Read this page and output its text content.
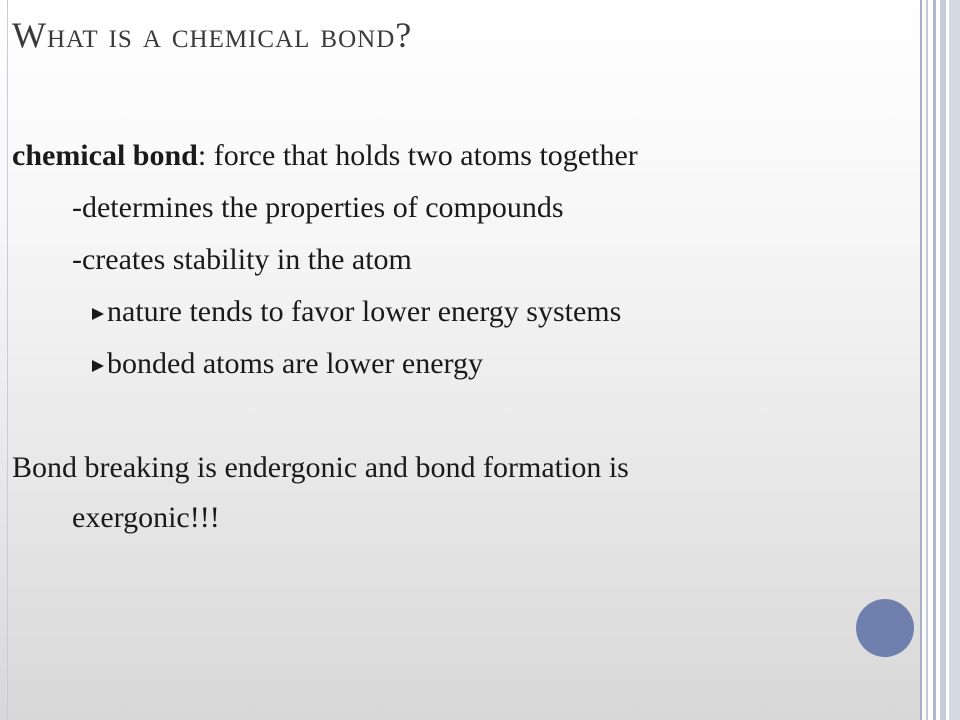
What is a chemical bond?

chemical bond: force that holds two atoms together

-determines the properties of compounds

-creates stability in the atom

nature tends to favor lower energy systems

bonded atoms are lower energy

Bond breaking is endergonic and bond formation is

exergonic!!!
